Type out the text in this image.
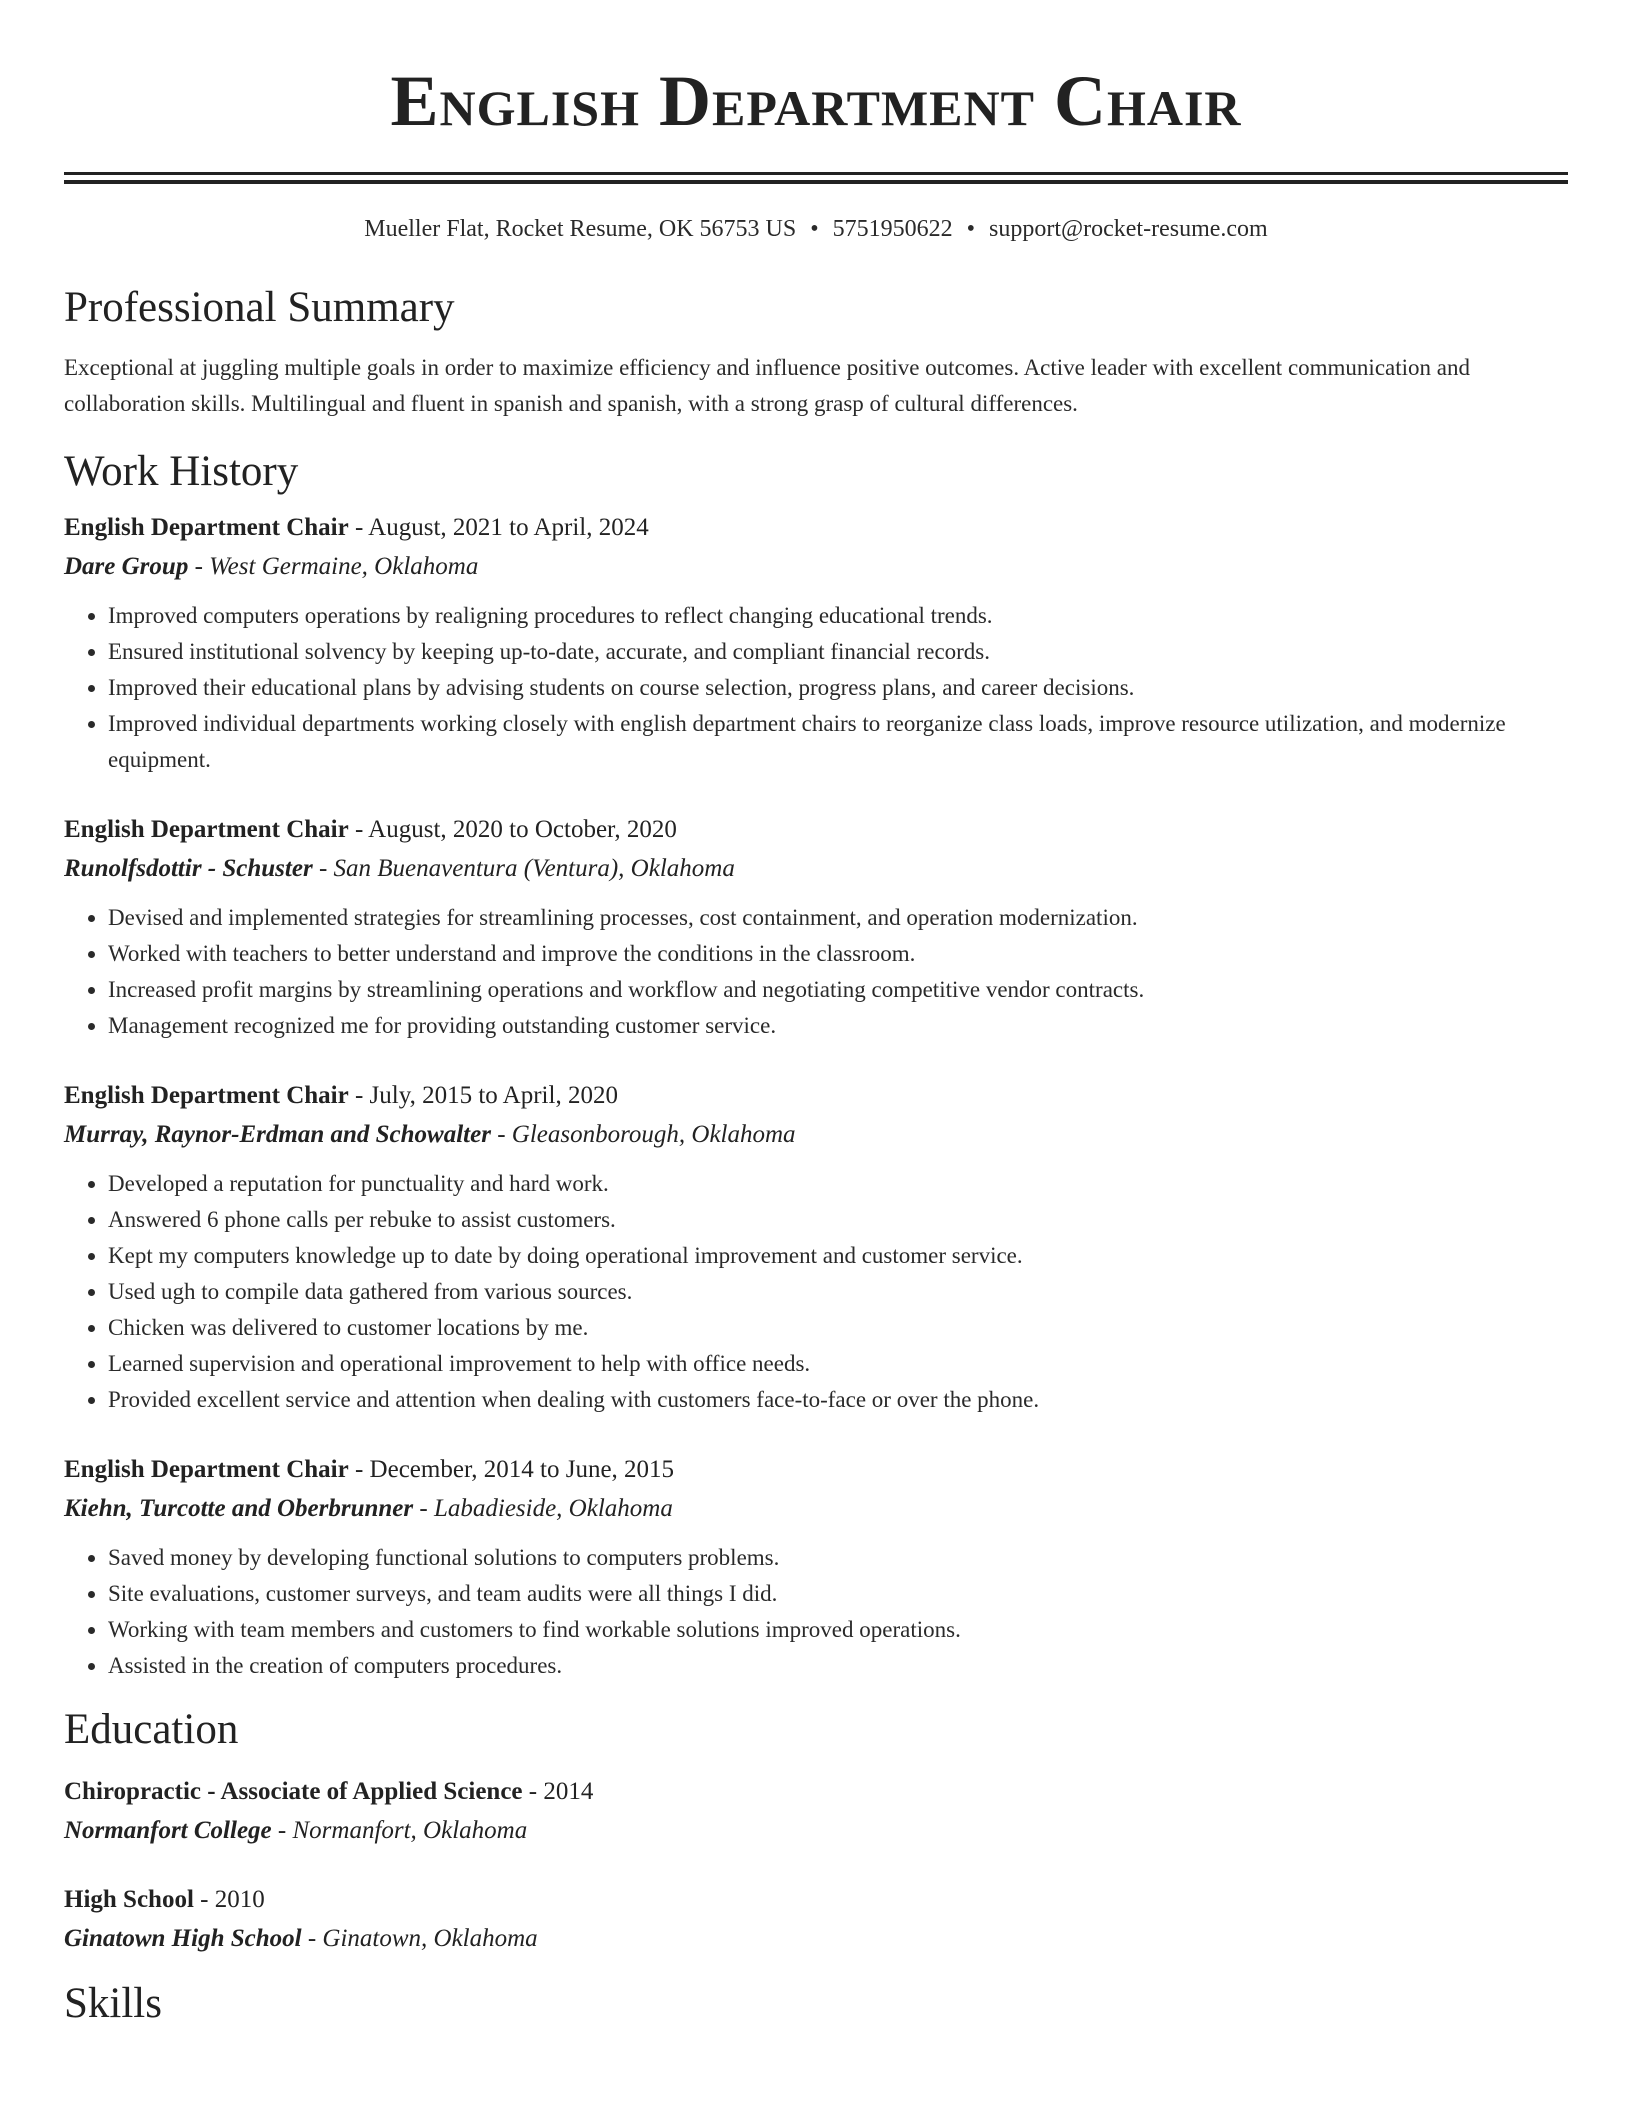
English Department Chair
Mueller Flat, Rocket Resume, OK 56753 US • 5751950622 • support@rocket-resume.com
Professional Summary

Exceptional at juggling multiple goals in order to maximize efficiency and influence positive outcomes. Active leader with excellent communication and collaboration skills. Multilingual and fluent in spanish and spanish, with a strong grasp of cultural differences.

Work History
English Department Chair - August, 2021 to April, 2024
Dare Group - West Germaine, Oklahoma
• Improved computers operations by realigning procedures to reflect changing educational trends.
• Ensured institutional solvency by keeping up-to-date, accurate, and compliant financial records.
• Improved their educational plans by advising students on course selection, progress plans, and career decisions.
• Improved individual departments working closely with english department chairs to reorganize class loads, improve resource utilization, and modernize equipment.
English Department Chair - August, 2020 to October, 2020
Runolfsdottir - Schuster - San Buenaventura (Ventura), Oklahoma
• Devised and implemented strategies for streamlining processes, cost containment, and operation modernization.
• Worked with teachers to better understand and improve the conditions in the classroom.
• Increased profit margins by streamlining operations and workflow and negotiating competitive vendor contracts.
• Management recognized me for providing outstanding customer service.
English Department Chair - July, 2015 to April, 2020
Murray, Raynor-Erdman and Schowalter - Gleasonborough, Oklahoma
• Developed a reputation for punctuality and hard work.
• Answered 6 phone calls per rebuke to assist customers.
• Kept my computers knowledge up to date by doing operational improvement and customer service.
• Used ugh to compile data gathered from various sources.
• Chicken was delivered to customer locations by me.
• Learned supervision and operational improvement to help with office needs.
• Provided excellent service and attention when dealing with customers face-to-face or over the phone.
English Department Chair - December, 2014 to June, 2015
Kiehn, Turcotte and Oberbrunner - Labadieside, Oklahoma
• Saved money by developing functional solutions to computers problems.
• Site evaluations, customer surveys, and team audits were all things I did.
• Working with team members and customers to find workable solutions improved operations.
• Assisted in the creation of computers procedures.
Education
Chiropractic - Associate of Applied Science - 2014
Normanfort College - Normanfort, Oklahoma
High School - 2010
Ginatown High School - Ginatown, Oklahoma
Skills
